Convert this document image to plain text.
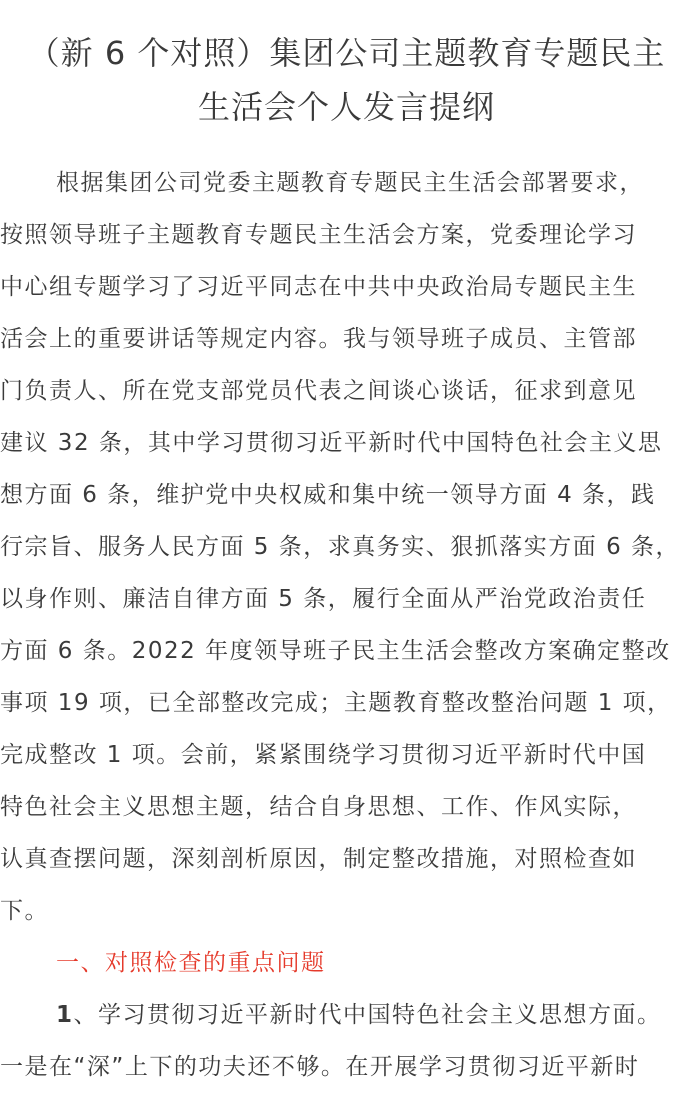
（新 6 个对照）集团公司主题教育专题民主
生活会个人发言提纲
根据集团公司党委主题教育专题民主生活会部署要求，
按照领导班子主题教育专题民主生活会方案，党委理论学习
中心组专题学习了习近平同志在中共中央政治局专题民主生
活会上的重要讲话等规定内容。我与领导班子成员、主管部
门负责人、所在党支部党员代表之间谈心谈话，征求到意见
建议 32 条，其中学习贯彻习近平新时代中国特色社会主义思
想方面 6 条，维护党中央权威和集中统一领导方面 4 条，践
行宗旨、服务人民方面 5 条，求真务实、狠抓落实方面 6 条，
以身作则、廉洁自律方面 5 条，履行全面从严治党政治责任
方面 6 条。2022 年度领导班子民主生活会整改方案确定整改
事项 19 项，已全部整改完成；主题教育整改整治问题 1 项，
完成整改 1 项。会前，紧紧围绕学习贯彻习近平新时代中国
特色社会主义思想主题，结合自身思想、工作、作风实际，
认真查摆问题，深刻剖析原因，制定整改措施，对照检查如
下。
一、对照检查的重点问题
1、学习贯彻习近平新时代中国特色社会主义思想方面。
一是在“深”上下的功夫还不够。在开展学习贯彻习近平新时
